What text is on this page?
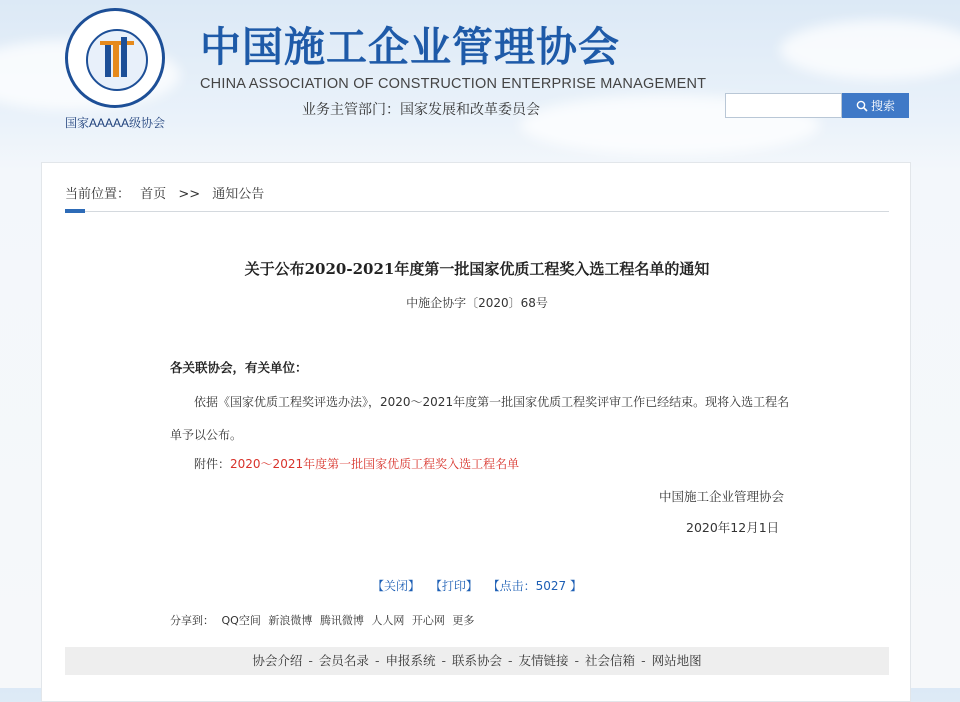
国家AAAAA级协会
中国施工企业管理协会
CHINA ASSOCIATION OF CONSTRUCTION ENTERPRISE MANAGEMENT
业务主管部门：国家发展和改革委员会	搜索
当前位置： 首页 >> 通知公告
关于公布2020-2021年度第一批国家优质工程奖入选工程名单的通知
中施企协字〔2020〕68号
各关联协会，有关单位：
依据《国家优质工程奖评选办法》，2020～2021年度第一批国家优质工程奖评审工作已经结束。现将入选工程名单予以公布。
附件：2020～2021年度第一批国家优质工程奖入选工程名单
中国施工企业管理协会
2020年12月1日
【关闭】 【打印】 【点击：5027 】
分享到： QQ空间 新浪微博 腾讯微博 人人网 开心网 更多
协会介绍 - 会员名录 - 申报系统 - 联系协会 - 友情链接 - 社会信箱 - 网站地图
